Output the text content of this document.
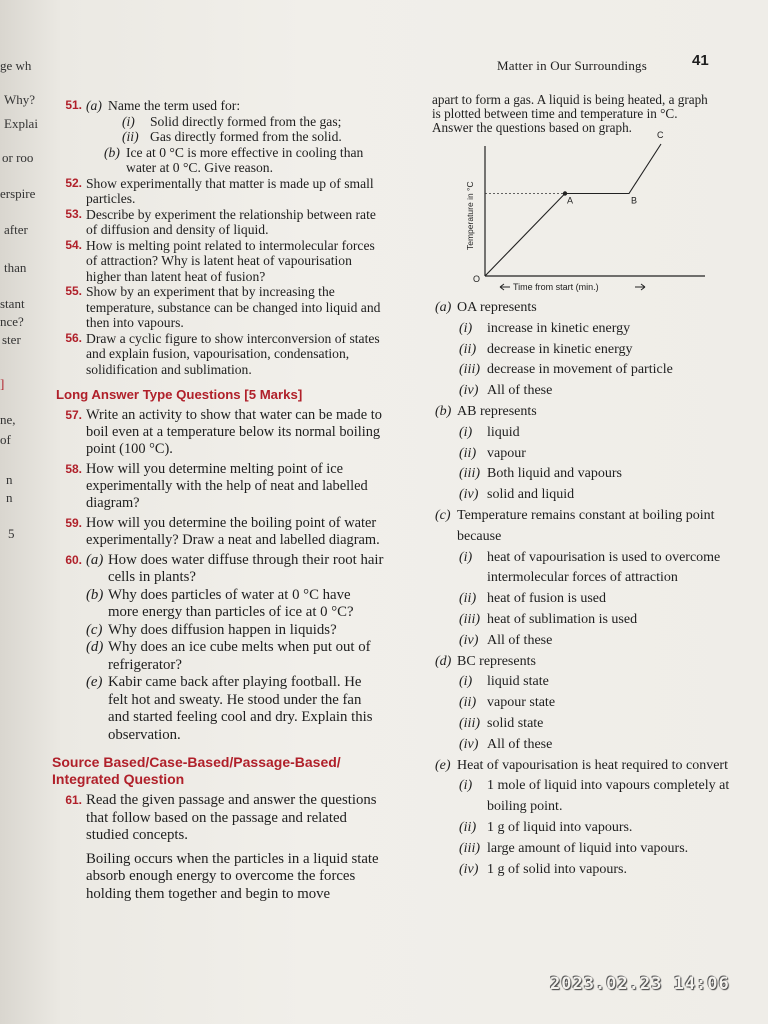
ge wh
Why?
Explai
or roo
erspire
after
than
stant
nce?
ster
]
ne,
of
n
n
5
Matter in Our Surroundings	41
51. (a) Name the term used for:
(i) Solid directly formed from the gas;
(ii) Gas directly formed from the solid.
(b) Ice at 0 °C is more effective in cooling than water at 0 °C. Give reason.
52. Show experimentally that matter is made up of small particles.
53. Describe by experiment the relationship between rate of diffusion and density of liquid.
54. How is melting point related to intermolecular forces of attraction? Why is latent heat of vapourisation higher than latent heat of fusion?
55. Show by an experiment that by increasing the temperature, substance can be changed into liquid and then into vapours.
56. Draw a cyclic figure to show interconversion of states and explain fusion, vapourisation, condensation, solidification and sublimation.
Long Answer Type Questions [5 Marks]
57. Write an activity to show that water can be made to boil even at a temperature below its normal boiling point (100 °C).
58. How will you determine melting point of ice experimentally with the help of neat and labelled diagram?
59. How will you determine the boiling point of water experimentally? Draw a neat and labelled diagram.
60. (a) How does water diffuse through their root hair cells in plants?
(b) Why does particles of water at 0 °C have more energy than particles of ice at 0 °C?
(c) Why does diffusion happen in liquids?
(d) Why does an ice cube melts when put out of refrigerator?
(e) Kabir came back after playing football. He felt hot and sweaty. He stood under the fan and started feeling cool and dry. Explain this observation.
Source Based/Case-Based/Passage-Based/ Integrated Question
61. Read the given passage and answer the questions that follow based on the passage and related studied concepts.
Boiling occurs when the particles in a liquid state absorb enough energy to overcome the forces holding them together and begin to move
apart to form a gas. A liquid is being heated, a graph is plotted between time and temperature in °C. Answer the questions based on graph.
O
A	B
C
Temperature in °C
Time from start (min.)
(a) OA represents
(i) increase in kinetic energy
(ii) decrease in kinetic energy
(iii) decrease in movement of particle
(iv) All of these
(b) AB represents
(i) liquid
(ii) vapour
(iii) Both liquid and vapours
(iv) solid and liquid
(c) Temperature remains constant at boiling point because
(i) heat of vapourisation is used to overcome intermolecular forces of attraction
(ii) heat of fusion is used
(iii) heat of sublimation is used
(iv) All of these
(d) BC represents
(i) liquid state
(ii) vapour state
(iii) solid state
(iv) All of these
(e) Heat of vapourisation is heat required to convert
(i) 1 mole of liquid into vapours completely at boiling point.
(ii) 1 g of liquid into vapours.
(iii) large amount of liquid into vapours.
(iv) 1 g of solid into vapours.
2023.02.23 14:06
